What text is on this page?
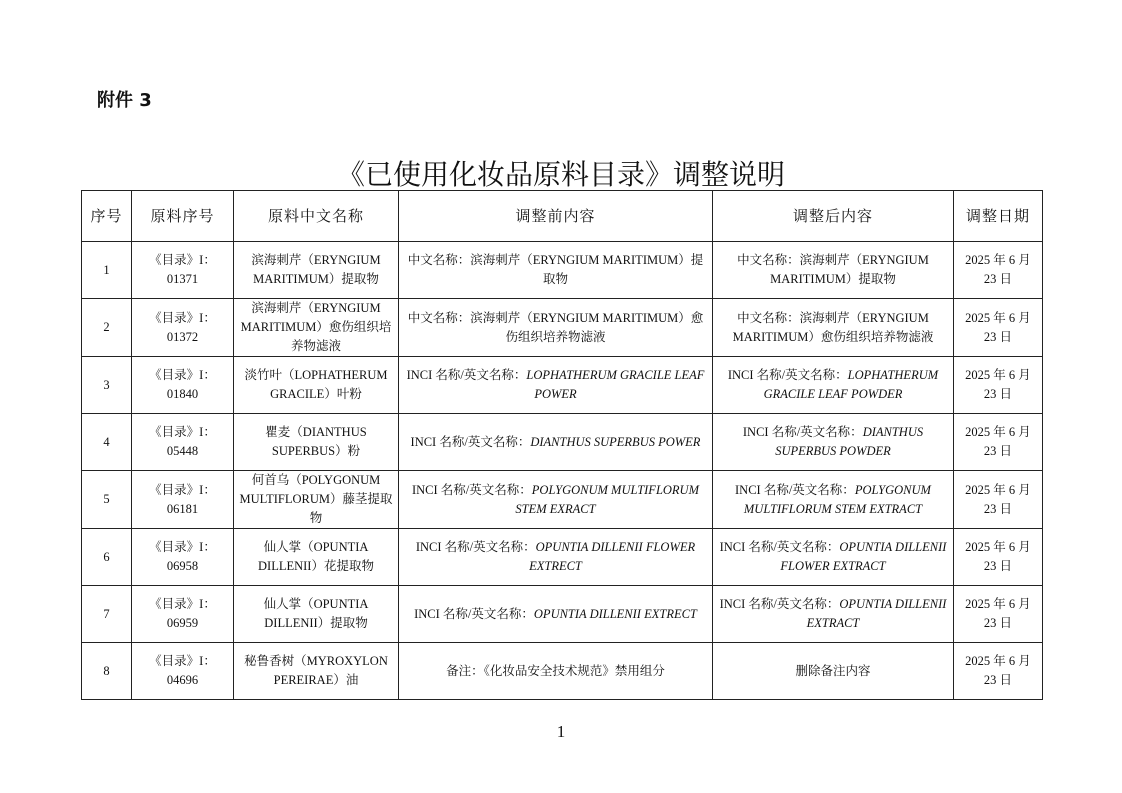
附件 3
《已使用化妆品原料目录》调整说明
序号	原料序号	原料中文名称	调整前内容	调整后内容	调整日期
1	《目录》I：01371	滨海刺芹（ERYNGIUM MARITIMUM）提取物	中文名称：滨海刺芹（ERYNGIUM MARITIMUM）提取物	中文名称：滨海刺芹（ERYNGIUM MARITIMUM）提取物	2025 年 6 月 23 日
2	《目录》I：01372	滨海刺芹（ERYNGIUM MARITIMUM）愈伤组织培养物滤液	中文名称：滨海刺芹（ERYNGIUM MARITIMUM）愈伤组织培养物滤液	中文名称：滨海刺芹（ERYNGIUM MARITIMUM）愈伤组织培养物滤液	2025 年 6 月 23 日
3	《目录》I：01840	淡竹叶（LOPHATHERUM GRACILE）叶粉	INCI 名称/英文名称：LOPHATHERUM GRACILE LEAF POWER	INCI 名称/英文名称：LOPHATHERUM GRACILE LEAF POWDER	2025 年 6 月 23 日
4	《目录》I：05448	瞿麦（DIANTHUS SUPERBUS）粉	INCI 名称/英文名称：DIANTHUS SUPERBUS POWER	INCI 名称/英文名称：DIANTHUS SUPERBUS POWDER	2025 年 6 月 23 日
5	《目录》I：06181	何首乌（POLYGONUM MULTIFLORUM）藤茎提取物	INCI 名称/英文名称：POLYGONUM MULTIFLORUM STEM EXRACT	INCI 名称/英文名称：POLYGONUM MULTIFLORUM STEM EXTRACT	2025 年 6 月 23 日
6	《目录》I：06958	仙人掌（OPUNTIA DILLENII）花提取物	INCI 名称/英文名称：OPUNTIA DILLENII FLOWER EXTRECT	INCI 名称/英文名称：OPUNTIA DILLENII FLOWER EXTRACT	2025 年 6 月 23 日
7	《目录》I：06959	仙人掌（OPUNTIA DILLENII）提取物	INCI 名称/英文名称：OPUNTIA DILLENII EXTRECT	INCI 名称/英文名称：OPUNTIA DILLENII EXTRACT	2025 年 6 月 23 日
8	《目录》I：04696	秘鲁香树（MYROXYLON PEREIRAE）油	备注：《化妆品安全技术规范》禁用组分	删除备注内容	2025 年 6 月 23 日
1
